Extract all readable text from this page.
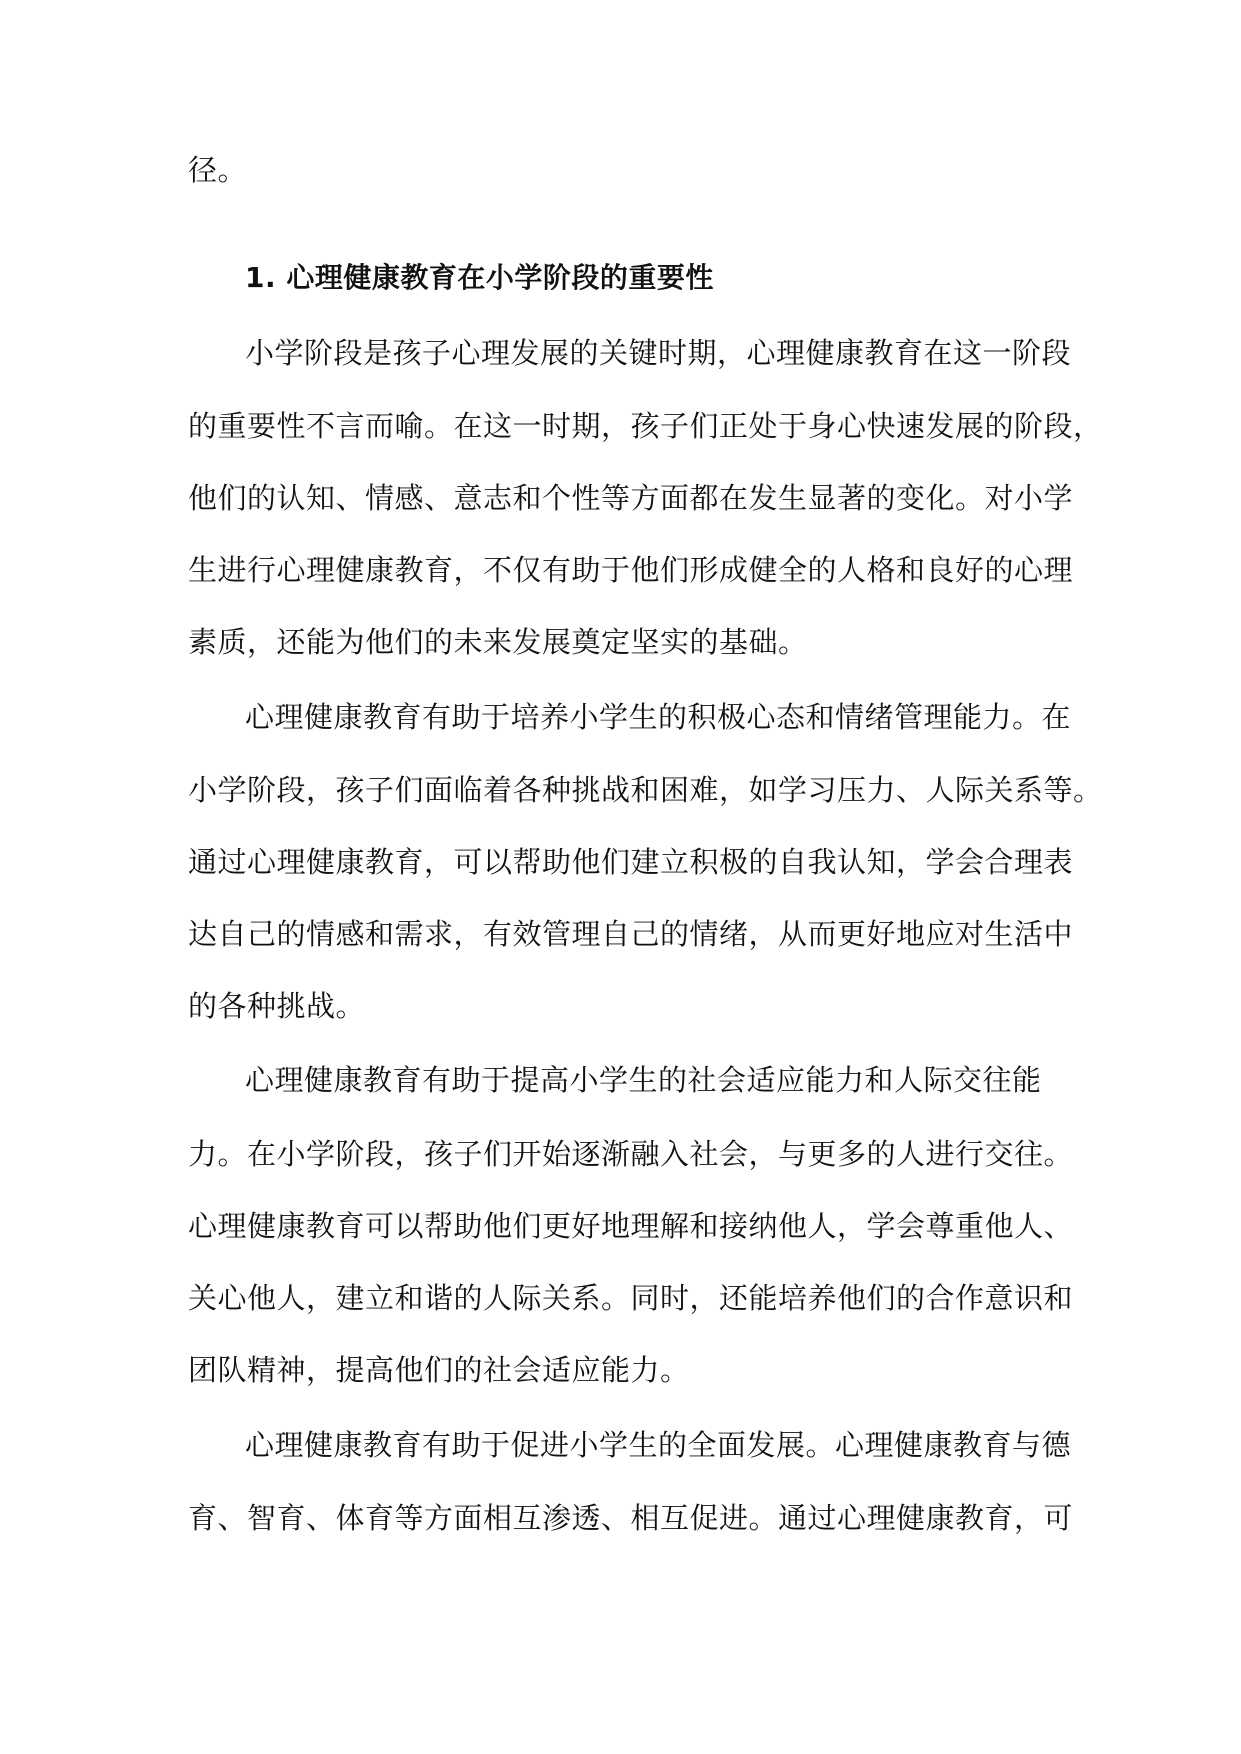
径。
1. 心理健康教育在小学阶段的重要性
小学阶段是孩子心理发展的关键时期，心理健康教育在这一阶段
的重要性不言而喻。在这一时期，孩子们正处于身心快速发展的阶段，
他们的认知、情感、意志和个性等方面都在发生显著的变化。对小学
生进行心理健康教育，不仅有助于他们形成健全的人格和良好的心理
素质，还能为他们的未来发展奠定坚实的基础。
心理健康教育有助于培养小学生的积极心态和情绪管理能力。在
小学阶段，孩子们面临着各种挑战和困难，如学习压力、人际关系等。
通过心理健康教育，可以帮助他们建立积极的自我认知，学会合理表
达自己的情感和需求，有效管理自己的情绪，从而更好地应对生活中
的各种挑战。
心理健康教育有助于提高小学生的社会适应能力和人际交往能
力。在小学阶段，孩子们开始逐渐融入社会，与更多的人进行交往。
心理健康教育可以帮助他们更好地理解和接纳他人，学会尊重他人、
关心他人，建立和谐的人际关系。同时，还能培养他们的合作意识和
团队精神，提高他们的社会适应能力。
心理健康教育有助于促进小学生的全面发展。心理健康教育与德
育、智育、体育等方面相互渗透、相互促进。通过心理健康教育，可
